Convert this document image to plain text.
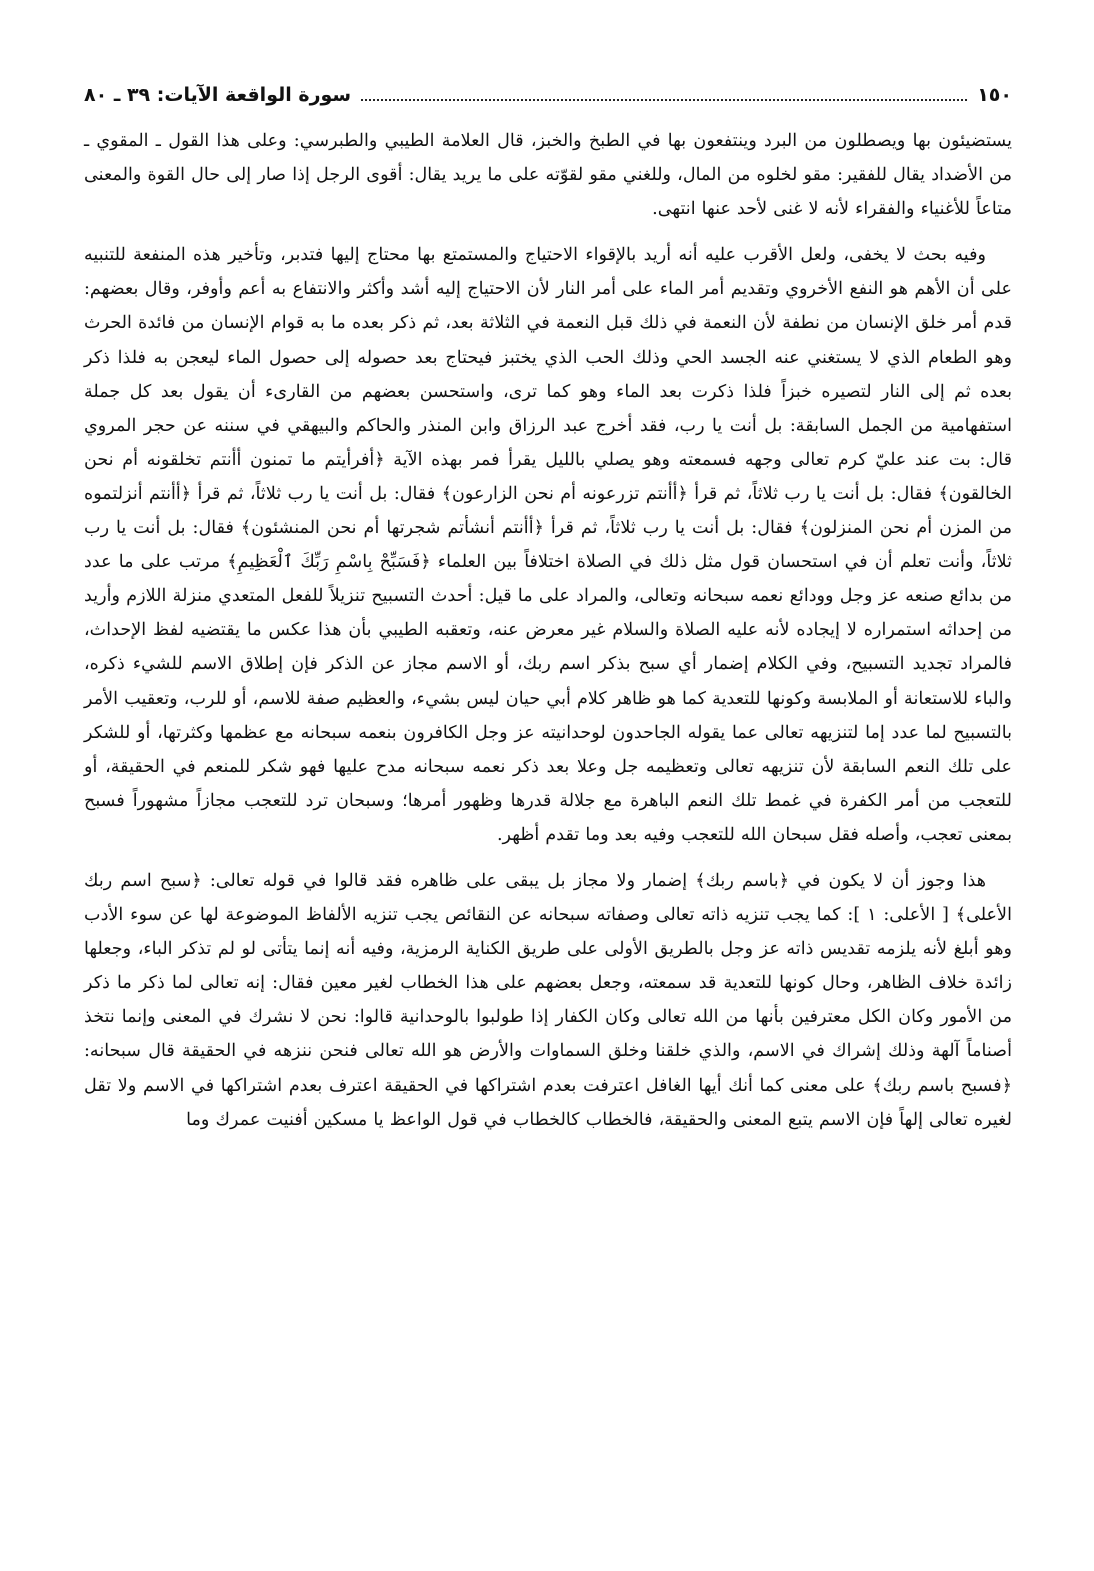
١٥٠
سورة الواقعة الآيات: ٣٩ ـ ٨٠

يستضيئون بها ويصطلون من البرد وينتفعون بها في الطبخ والخبز، قال العلامة الطيبي والطبرسي: وعلى هذا القول ـ المقوي ـ من الأضداد يقال للفقير: مقو لخلوه من المال، وللغني مقو لقوّته على ما يريد يقال: أقوى الرجل إذا صار إلى حال القوة والمعنى متاعاً للأغنياء والفقراء لأنه لا غنى لأحد عنها انتهى.

وفيه بحث لا يخفى، ولعل الأقرب عليه أنه أريد بالإقواء الاحتياج والمستمتع بها محتاج إليها فتدبر، وتأخير هذه المنفعة للتنبيه على أن الأهم هو النفع الأخروي وتقديم أمر الماء على أمر النار لأن الاحتياج إليه أشد وأكثر والانتفاع به أعم وأوفر، وقال بعضهم: قدم أمر خلق الإنسان من نطفة لأن النعمة في ذلك قبل النعمة في الثلاثة بعد، ثم ذكر بعده ما به قوام الإنسان من فائدة الحرث وهو الطعام الذي لا يستغني عنه الجسد الحي وذلك الحب الذي يختبز فيحتاج بعد حصوله إلى حصول الماء ليعجن به فلذا ذكر بعده ثم إلى النار لتصيره خبزاً فلذا ذكرت بعد الماء وهو كما ترى، واستحسن بعضهم من القارىء أن يقول بعد كل جملة استفهامية من الجمل السابقة: بل أنت يا رب، فقد أخرج عبد الرزاق وابن المنذر والحاكم والبيهقي في سننه عن حجر المروي قال: بت عند عليّ كرم تعالى وجهه فسمعته وهو يصلي بالليل يقرأ فمر بهذه الآية ﴿أفرأيتم ما تمنون أأنتم تخلقونه أم نحن الخالقون﴾ فقال: بل أنت يا رب ثلاثاً، ثم قرأ ﴿أأنتم تزرعونه أم نحن الزارعون﴾ فقال: بل أنت يا رب ثلاثاً، ثم قرأ ﴿أأنتم أنزلتموه من المزن أم نحن المنزلون﴾ فقال: بل أنت يا رب ثلاثاً، ثم قرأ ﴿أأنتم أنشأتم شجرتها أم نحن المنشئون﴾ فقال: بل أنت يا رب ثلاثاً، وأنت تعلم أن في استحسان قول مثل ذلك في الصلاة اختلافاً بين العلماء ﴿فَسَبِّحْ بِاسْمِ رَبِّكَ ٱلْعَظِيمِ﴾ مرتب على ما عدد من بدائع صنعه عز وجل وودائع نعمه سبحانه وتعالى، والمراد على ما قيل: أحدث التسبيح تنزيلاً للفعل المتعدي منزلة اللازم وأريد من إحداثه استمراره لا إيجاده لأنه عليه الصلاة والسلام غير معرض عنه، وتعقبه الطيبي بأن هذا عكس ما يقتضيه لفظ الإحداث، فالمراد تجديد التسبيح، وفي الكلام إضمار أي سبح بذكر اسم ربك، أو الاسم مجاز عن الذكر فإن إطلاق الاسم للشيء ذكره، والباء للاستعانة أو الملابسة وكونها للتعدية كما هو ظاهر كلام أبي حيان ليس بشيء، والعظيم صفة للاسم، أو للرب، وتعقيب الأمر بالتسبيح لما عدد إما لتنزيهه تعالى عما يقوله الجاحدون لوحدانيته عز وجل الكافرون بنعمه سبحانه مع عظمها وكثرتها، أو للشكر على تلك النعم السابقة لأن تنزيهه تعالى وتعظيمه جل وعلا بعد ذكر نعمه سبحانه مدح عليها فهو شكر للمنعم في الحقيقة، أو للتعجب من أمر الكفرة في غمط تلك النعم الباهرة مع جلالة قدرها وظهور أمرها؛ وسبحان ترد للتعجب مجازاً مشهوراً فسبح بمعنى تعجب، وأصله فقل سبحان الله للتعجب وفيه بعد وما تقدم أظهر.

هذا وجوز أن لا يكون في ﴿باسم ربك﴾ إضمار ولا مجاز بل يبقى على ظاهره فقد قالوا في قوله تعالى: ﴿سبح اسم ربك الأعلى﴾ [ الأعلى: ١ ]: كما يجب تنزيه ذاته تعالى وصفاته سبحانه عن النقائص يجب تنزيه الألفاظ الموضوعة لها عن سوء الأدب وهو أبلغ لأنه يلزمه تقديس ذاته عز وجل بالطريق الأولى على طريق الكناية الرمزية، وفيه أنه إنما يتأتى لو لم تذكر الباء، وجعلها زائدة خلاف الظاهر، وحال كونها للتعدية قد سمعته، وجعل بعضهم على هذا الخطاب لغير معين فقال: إنه تعالى لما ذكر ما ذكر من الأمور وكان الكل معترفين بأنها من الله تعالى وكان الكفار إذا طولبوا بالوحدانية قالوا: نحن لا نشرك في المعنى وإنما نتخذ أصناماً آلهة وذلك إشراك في الاسم، والذي خلقنا وخلق السماوات والأرض هو الله تعالى فنحن ننزهه في الحقيقة قال سبحانه: ﴿فسبح باسم ربك﴾ على معنى كما أنك أيها الغافل اعترفت بعدم اشتراكها في الحقيقة اعترف بعدم اشتراكها في الاسم ولا تقل لغيره تعالى إلهاً فإن الاسم يتبع المعنى والحقيقة، فالخطاب كالخطاب في قول الواعظ يا مسكين أفنيت عمرك وما
